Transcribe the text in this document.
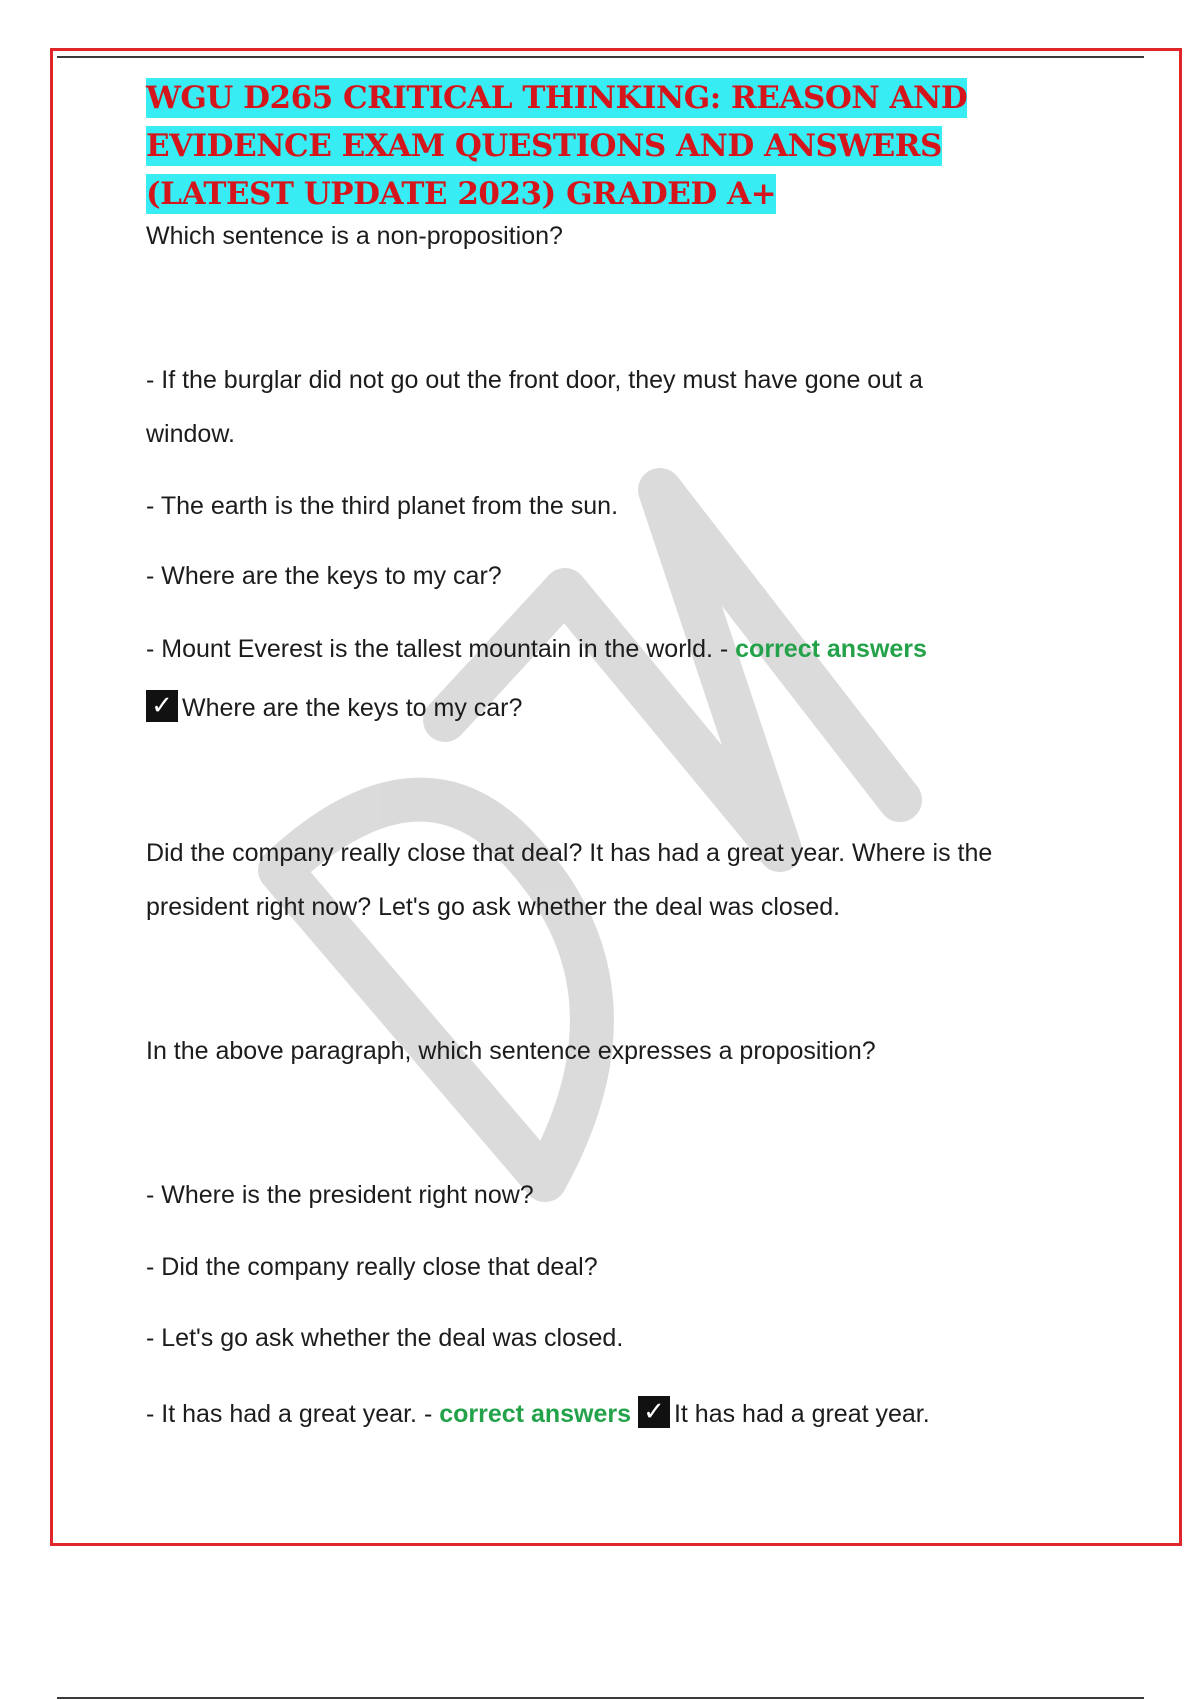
WGU D265 CRITICAL THINKING: REASON AND EVIDENCE EXAM QUESTIONS AND ANSWERS (LATEST UPDATE 2023) GRADED A+
Which sentence is a non-proposition?
- If the burglar did not go out the front door, they must have gone out a
window.
- The earth is the third planet from the sun.
- Where are the keys to my car?
- Mount Everest is the tallest mountain in the world. - correct answers
✓ Where are the keys to my car?
Did the company really close that deal? It has had a great year. Where is the
president right now? Let's go ask whether the deal was closed.
In the above paragraph, which sentence expresses a proposition?
- Where is the president right now?
- Did the company really close that deal?
- Let's go ask whether the deal was closed.
- It has had a great year. - correct answers ✓ It has had a great year.
